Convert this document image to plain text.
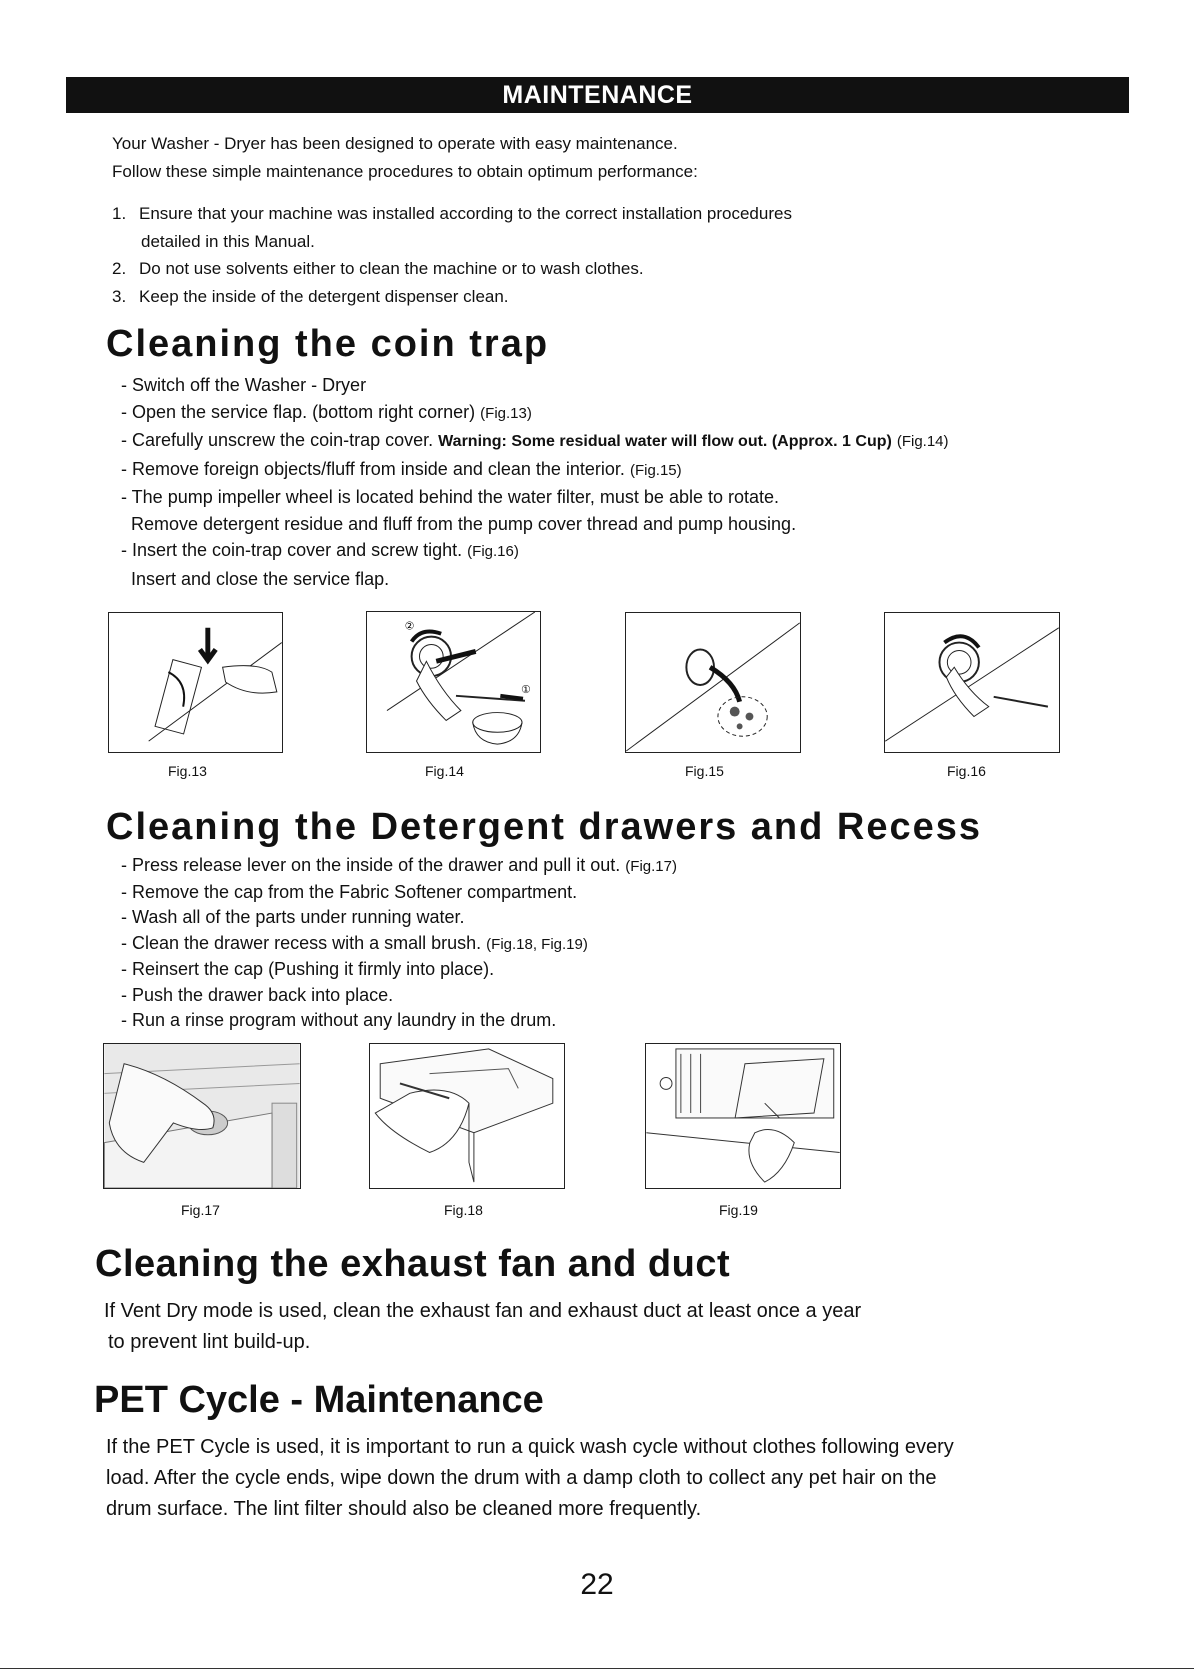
MAINTENANCE
Your Washer - Dryer has been designed to operate with easy maintenance.
Follow these simple maintenance procedures to obtain optimum performance:
1. Ensure that your machine was installed according to the correct installation procedures
detailed in this Manual.
2. Do not use solvents either to clean the machine or to wash clothes.
3. Keep the inside of the detergent dispenser clean.
Cleaning the coin trap
- Switch off the Washer - Dryer
- Open the service flap. (bottom right corner) (Fig.13)
- Carefully unscrew the coin-trap cover. Warning: Some residual water will flow out. (Approx. 1 Cup) (Fig.14)
- Remove foreign objects/fluff from inside and clean the interior. (Fig.15)
- The pump impeller wheel is located behind the water filter, must be able to rotate.
Remove detergent residue and fluff from the pump cover thread and pump housing.
- Insert the coin-trap cover and screw tight. (Fig.16)
Insert and close the service flap.
②
①
Fig.13	Fig.14	Fig.15	Fig.16
Cleaning the Detergent drawers and Recess
- Press release lever on the inside of the drawer and pull it out. (Fig.17)
- Remove the cap from the Fabric Softener compartment.
- Wash all of the parts under running water.
- Clean the drawer recess with a small brush. (Fig.18, Fig.19)
- Reinsert the cap (Pushing it firmly into place).
- Push the drawer back into place.
- Run a rinse program without any laundry in the drum.
Fig.17	Fig.18	Fig.19
Cleaning the exhaust fan and duct
If Vent Dry mode is used, clean the exhaust fan and exhaust duct at least once a year
to prevent lint build-up.
PET Cycle - Maintenance
If the PET Cycle is used, it is important to run a quick wash cycle without clothes following every
load. After the cycle ends, wipe down the drum with a damp cloth to collect any pet hair on the
drum surface. The lint filter should also be cleaned more frequently.
22
